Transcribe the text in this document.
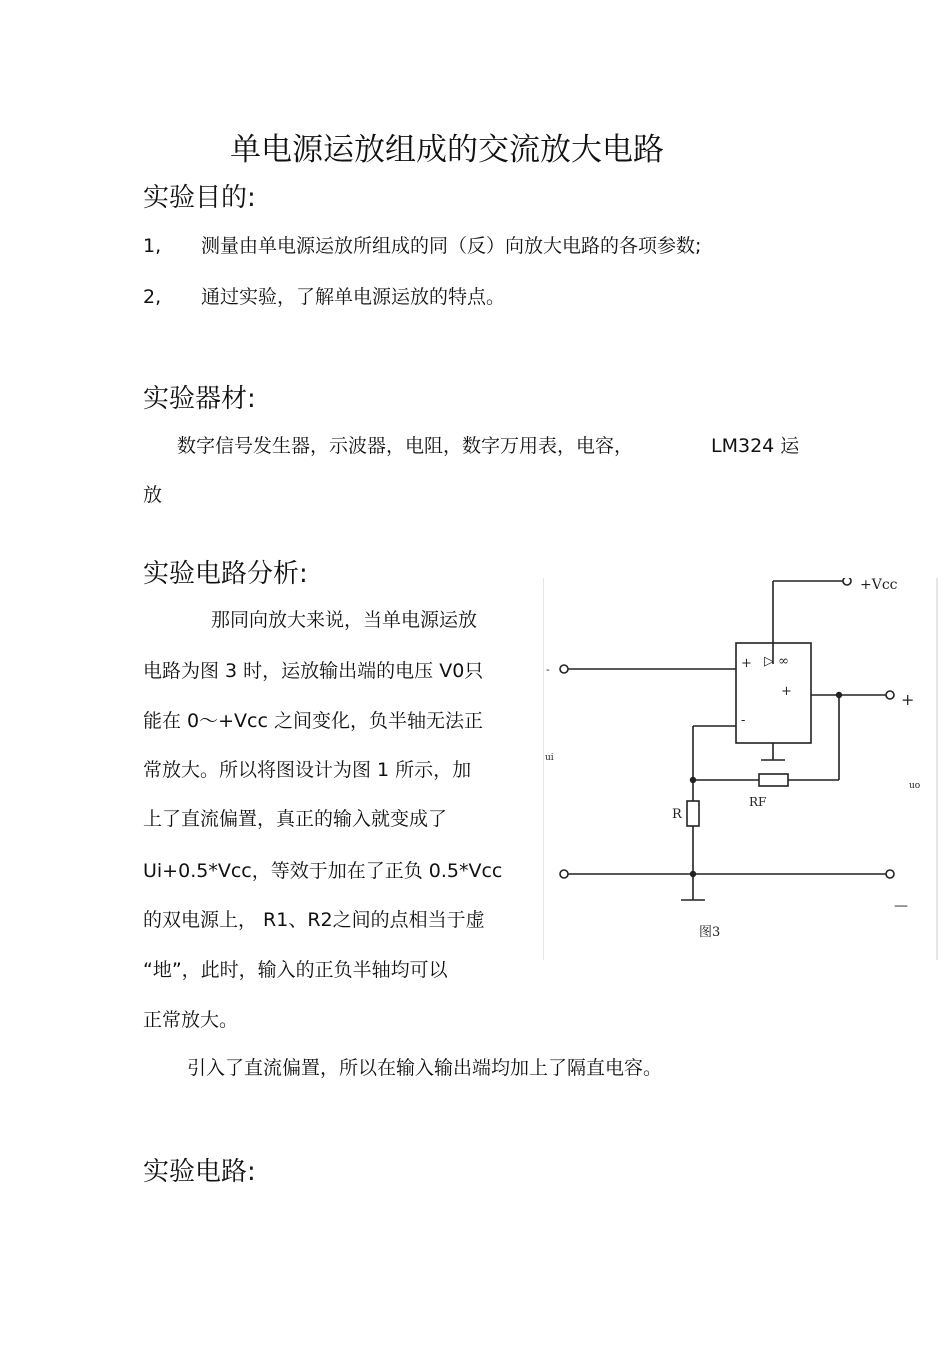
单电源运放组成的交流放大电路
实验目的:
1, 测量由单电源运放所组成的同（反）向放大电路的各项参数;
2, 通过实验，了解单电源运放的特点。
实验器材:
数字信号发生器，示波器，电阻，数字万用表，电容，	LM324 运
放
实验电路分析:
那同向放大来说，当单电源运放
电路为图 3 时，运放输出端的电压 V0只
能在 0～+Vcc 之间变化，负半轴无法正
常放大。所以将图设计为图 1 所示，加
上了直流偏置，真正的输入就变成了
Ui+0.5*Vcc，等效于加在了正负 0.5*Vcc
的双电源上， R1、R2之间的点相当于虚
“地”，此时，输入的正负半轴均可以
正常放大。
引入了直流偏置，所以在输入输出端均加上了隔直电容。
实验电路:
+Vcc
+ ▷ ∞
+
-
+
—
-
ui
uo
R
RF
图3
